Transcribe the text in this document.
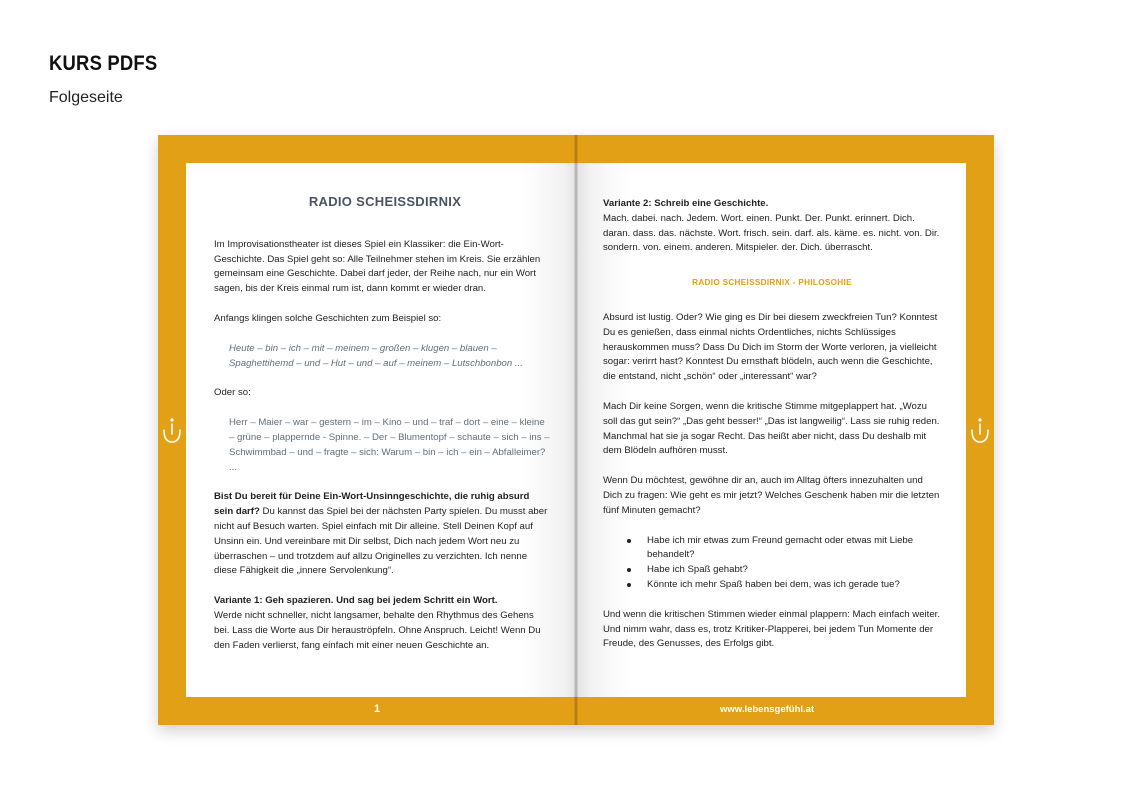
KURS PDFS
Folgeseite
RADIO SCHEISSDIRNIX

Im Improvisationstheater ist dieses Spiel ein Klassiker: die Ein-Wort-Geschichte. Das Spiel geht so: Alle Teilnehmer stehen im Kreis. Sie erzählen gemeinsam eine Geschichte. Dabei darf jeder, der Reihe nach, nur ein Wort sagen, bis der Kreis einmal rum ist, dann kommt er wieder dran.

Anfangs klingen solche Geschichten zum Beispiel so:

Heute – bin – ich – mit – meinem – großen – klugen – blauen – Spaghettihemd – und – Hut – und – auf – meinem – Lutschbonbon ...

Oder so:

Herr – Maier – war – gestern – im – Kino – und – traf – dort – eine – kleine – grüne – plappernde - Spinne. – Der – Blumentopf – schaute – sich – ins – Schwimmbad – und – fragte – sich: Warum – bin – ich – ein – Abfalleimer? ...

Bist Du bereit für Deine Ein-Wort-Unsinngeschichte, die ruhig absurd sein darf? Du kannst das Spiel bei der nächsten Party spielen. Du musst aber nicht auf Besuch warten. Spiel einfach mit Dir alleine. Stell Deinen Kopf auf Unsinn ein. Und vereinbare mit Dir selbst, Dich nach jedem Wort neu zu überraschen – und trotzdem auf allzu Originelles zu verzichten. Ich nenne diese Fähigkeit die „innere Servolenkung“.

Variante 1: Geh spazieren. Und sag bei jedem Schritt ein Wort.
Werde nicht schneller, nicht langsamer, behalte den Rhythmus des Gehens bei. Lass die Worte aus Dir herauströpfeln. Ohne Anspruch. Leicht! Wenn Du den Faden verlierst, fang einfach mit einer neuen Geschichte an.

Variante 2: Schreib eine Geschichte.
Mach. dabei. nach. Jedem. Wort. einen. Punkt. Der. Punkt. erinnert. Dich. daran. dass. das. nächste. Wort. frisch. sein. darf. als. käme. es. nicht. von. Dir. sondern. von. einem. anderen. Mitspieler. der. Dich. überrascht.

RADIO SCHEISSDIRNIX - PHILOSOHIE

Absurd ist lustig. Oder? Wie ging es Dir bei diesem zweckfreien Tun? Konntest Du es genießen, dass einmal nichts Ordentliches, nichts Schlüssiges herauskommen muss? Dass Du Dich im Storm der Worte verloren, ja vielleicht sogar: verirrt hast? Konntest Du ernsthaft blödeln, auch wenn die Geschichte, die entstand, nicht „schön“ oder „interessant“ war?

Mach Dir keine Sorgen, wenn die kritische Stimme mitgeplappert hat. „Wozu soll das gut sein?“ „Das geht besser!“ „Das ist langweilig“. Lass sie ruhig reden. Manchmal hat sie ja sogar Recht. Das heißt aber nicht, dass Du deshalb mit dem Blödeln aufhören musst.

Wenn Du möchtest, gewöhne dir an, auch im Alltag öfters innezuhalten und Dich zu fragen: Wie geht es mir jetzt? Welches Geschenk haben mir die letzten fünf Minuten gemacht?

Habe ich mir etwas zum Freund gemacht oder etwas mit Liebe behandelt?
Habe ich Spaß gehabt?
Könnte ich mehr Spaß haben bei dem, was ich gerade tue?

Und wenn die kritischen Stimmen wieder einmal plappern: Mach einfach weiter. Und nimm wahr, dass es, trotz Kritiker-Plapperei, bei jedem Tun Momente der Freude, des Genusses, des Erfolgs gibt.

1	www.lebensgefühl.at
